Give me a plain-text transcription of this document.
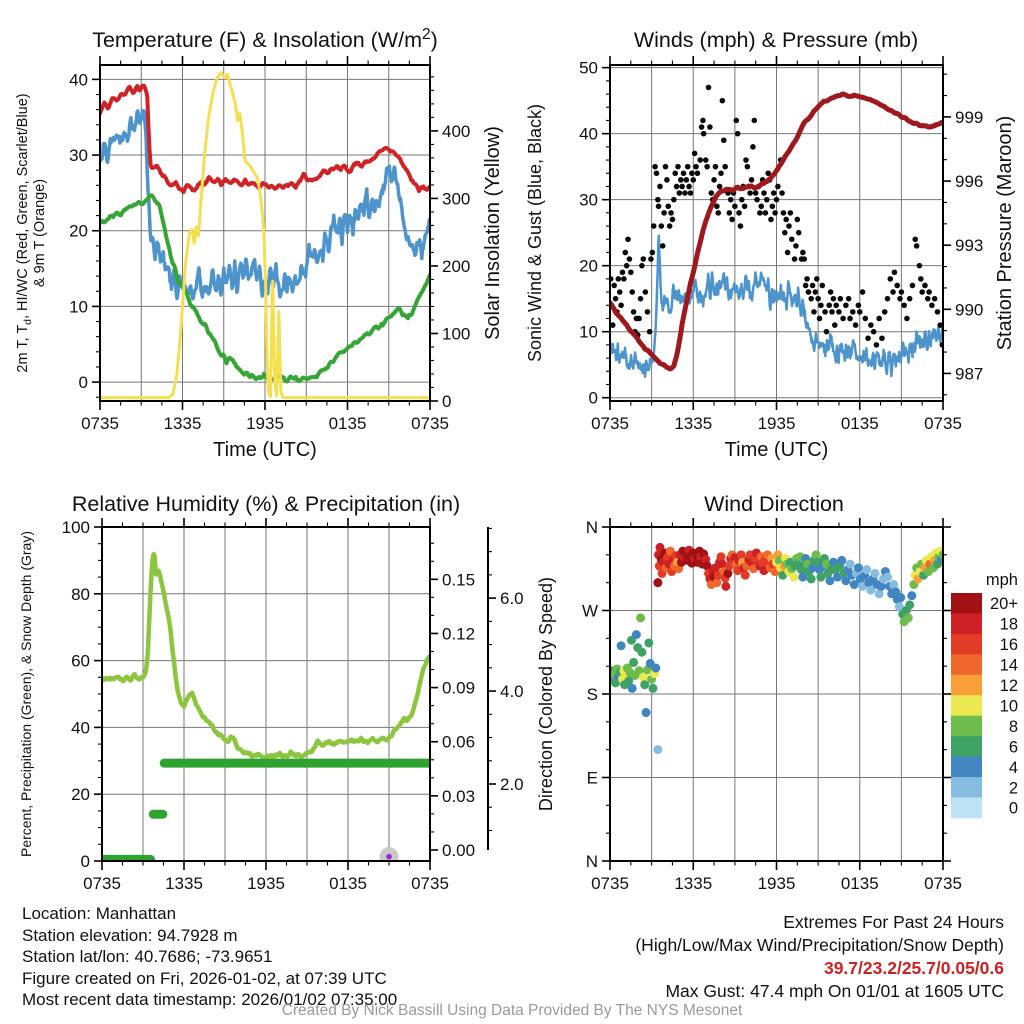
0735	1335	1935	0135	0735
0
10
20
30
40
0
100
200
300
400
Temperature (F) & Insolation $(W/m^2)$
Time (UTC)
2m T, $T_d$, HI/WC (Red, Green, Scarlet/Blue) & 9m T (Orange)	Solar Insolation (Yellow)
0735	1335	1935	0135	0735
0
10
20
30
40
50
987
990
993
996
999
Winds (mph) & Pressure (mb)
Time (UTC)
Sonic Wind & Gust (Blue, Black)	Station Pressure (Maroon)
0735	1335	1935	0135	0735
0
20
40
60
80
100
0.00
0.03
0.06
0.09
0.12
0.15
2.0
4.0
6.0
Relative Humidity (%) & Precipitation (in)
Percent, Precipitation (Green), & Snow Depth (Gray)
0735	1335	1935	0135	0735
N
E
S
W
N
Wind Direction
Direction (Colored By Speed)	mph
20+
18
16
14
12
10
8
6
4
2
0
Location: Manhattan
Station elevation: 94.7928 m
Station lat/lon: 40.7686; -73.9651
Figure created on Fri, 2026-01-02, at 07:39 UTC
Most recent data timestamp: 2026/01/02 07:35:00
Extremes For Past 24 Hours
(High/Low/Max Wind/Precipitation/Snow Depth)
39.7/23.2/25.7/0.05/0.6
Max Gust: 47.4 mph On 01/01 at 1605 UTC
Created By Nick Bassill Using Data Provided By The NYS Mesonet
